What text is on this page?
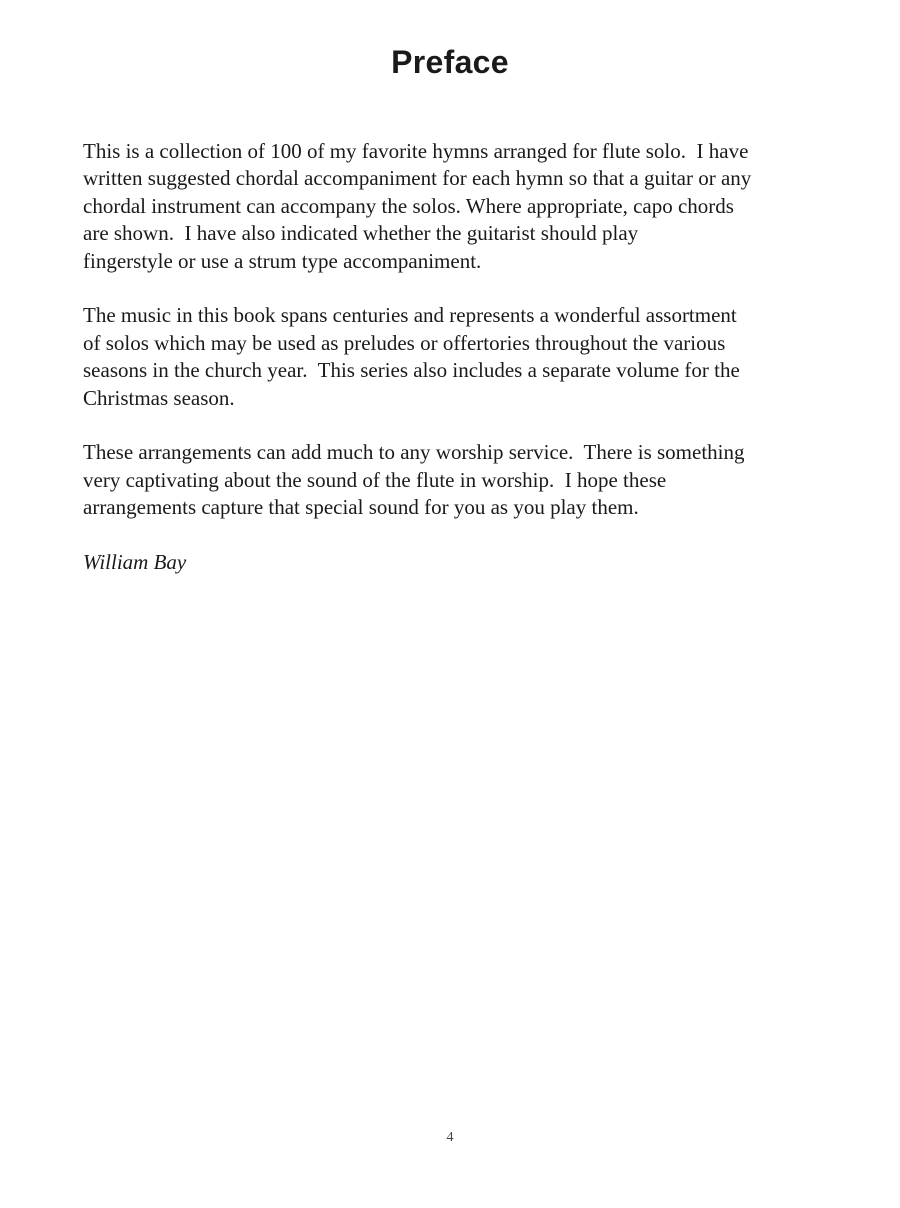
Preface

This is a collection of 100 of my favorite hymns arranged for flute solo.  I have
written suggested chordal accompaniment for each hymn so that a guitar or any
chordal instrument can accompany the solos. Where appropriate, capo chords
are shown.  I have also indicated whether the guitarist should play
fingerstyle or use a strum type accompaniment.

The music in this book spans centuries and represents a wonderful assortment
of solos which may be used as preludes or offertories throughout the various
seasons in the church year.  This series also includes a separate volume for the
Christmas season.

These arrangements can add much to any worship service.  There is something
very captivating about the sound of the flute in worship.  I hope these
arrangements capture that special sound for you as you play them.

William Bay

4
